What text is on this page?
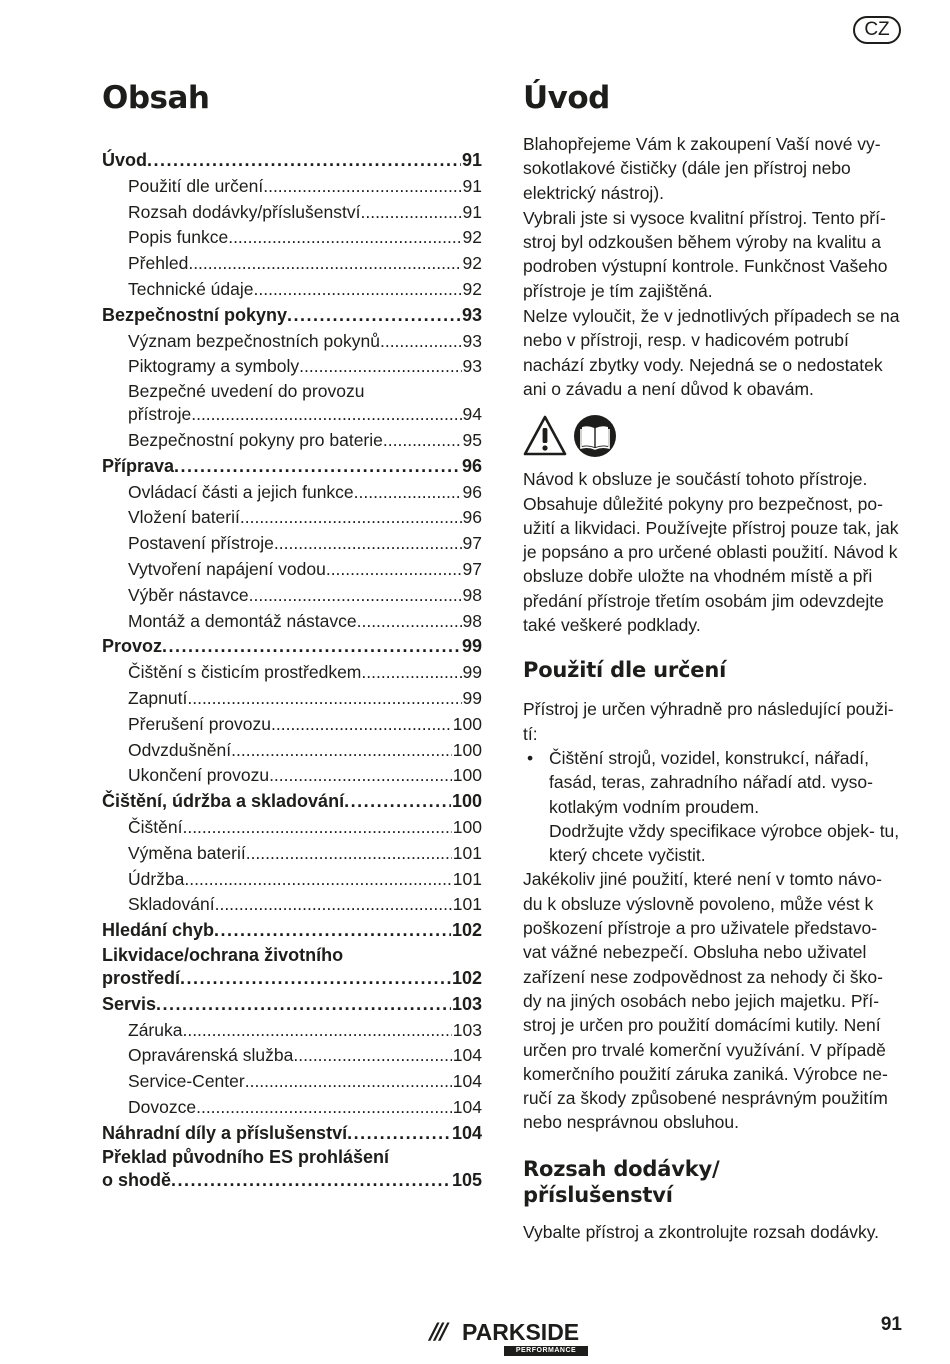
CZ
Obsah
Úvod .....	91
Použití dle určení .....	91
Rozsah dodávky/příslušenství .....	91
Popis funkce .....	92
Přehled .....	92
Technické údaje .....	92
Bezpečnostní pokyny .....	93
Význam bezpečnostních pokynů .....	93
Piktogramy a symboly .....	93
Bezpečné uvedení do provozu
přístroje .....	94
Bezpečnostní pokyny pro baterie .....	95
Příprava .....	96
Ovládací části a jejich funkce .....	96
Vložení baterií .....	96
Postavení přístroje .....	97
Vytvoření napájení vodou .....	97
Výběr nástavce .....	98
Montáž a demontáž nástavce .....	98
Provoz .....	99
Čištění s čisticím prostředkem .....	99
Zapnutí .....	99
Přerušení provozu .....	100
Odvzdušnění .....	100
Ukončení provozu .....	100
Čištění, údržba a skladování .....	100
Čištění .....	100
Výměna baterií .....	101
Údržba .....	101
Skladování .....	101
Hledání chyb .....	102
Likvidace/ochrana životního
prostředí .....	102
Servis .....	103
Záruka .....	103
Opravárenská služba .....	104
Service-Center .....	104
Dovozce .....	104
Náhradní díly a příslušenství .....	104
Překlad původního ES prohlášení
o shodě .....	105
Úvod

Blahopřejeme Vám k zakoupení Vaší nové vy- sokotlakové čističky (dále jen přístroj nebo elektrický nástroj).

Vybrali jste si vysoce kvalitní přístroj. Tento pří- stroj byl odzkoušen během výroby na kvalitu a podroben výstupní kontrole. Funkčnost Vašeho přístroje je tím zajištěná.

Nelze vyloučit, že v jednotlivých případech se na nebo v přístroji, resp. v hadicovém potrubí nachází zbytky vody. Nejedná se o nedostatek ani o závadu a není důvod k obavám.

Návod k obsluze je součástí tohoto přístroje. Obsahuje důležité pokyny pro bezpečnost, po- užití a likvidaci. Používejte přístroj pouze tak, jak je popsáno a pro určené oblasti použití. Návod k obsluze dobře uložte na vhodném místě a při předání přístroje třetím osobám jim odevzdejte také veškeré podklady.

Použití dle určení

Přístroj je určen výhradně pro následující použi- tí:

• Čištění strojů, vozidel, konstrukcí, nářadí, fasád, teras, zahradního nářadí atd. vyso- kotlakým vodním proudem.

Dodržujte vždy specifikace výrobce objek- tu, který chcete vyčistit.

Jakékoliv jiné použití, které není v tomto návo- du k obsluze výslovně povoleno, může vést k poškození přístroje a pro uživatele představo- vat vážné nebezpečí. Obsluha nebo uživatel zařízení nese zodpovědnost za nehody či ško- dy na jiných osobách nebo jejich majetku. Pří- stroj je určen pro použití domácími kutily. Není určen pro trvalé komerční využívání. V případě komerčního použití záruka zaniká. Výrobce ne- ručí za škody způsobené nesprávným použitím nebo nesprávnou obsluhou.

Rozsah dodávky/
příslušenství

Vybalte přístroj a zkontrolujte rozsah dodávky.

/// PARKSIDE
PERFORMANCE
91
